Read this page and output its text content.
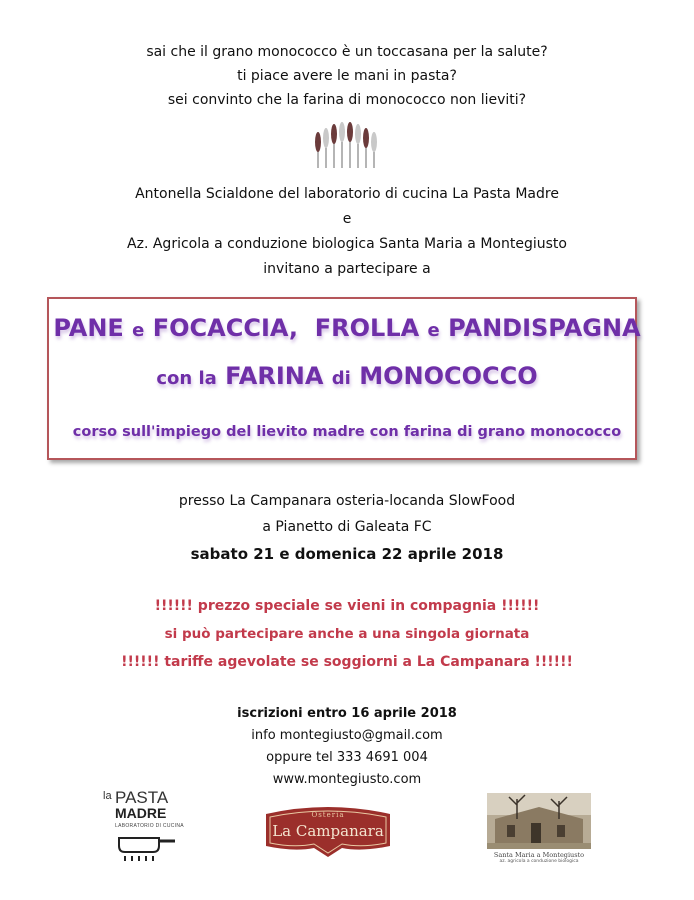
sai che il grano monococco è un toccasana per la salute?
ti piace avere le mani in pasta?
sei convinto che la farina di monococco non lieviti?
Antonella Scialdone del laboratorio di cucina La Pasta Madre
e
Az. Agricola a conduzione biologica Santa Maria a Montegiusto
invitano a partecipare a
PANE e FOCACCIA, FROLLA e PANDISPAGNA
con la FARINA di MONOCOCCO
corso sull'impiego del lievito madre con farina di grano monococco
presso La Campanara osteria-locanda SlowFood
a Pianetto di Galeata FC
sabato 21 e domenica 22 aprile 2018
!!!!!! prezzo speciale se vieni in compagnia !!!!!!
si può partecipare anche a una singola giornata
!!!!!! tariffe agevolate se soggiorni a La Campanara !!!!!!
iscrizioni entro 16 aprile 2018
info montegiusto@gmail.com
oppure tel 333 4691 004
www.montegiusto.com
la PASTA
MADRE
LABORATORIO DI CUCINA
Osteria
La Campanara
Santa Maria a Montegiusto
az. agricola a conduzione biologica
